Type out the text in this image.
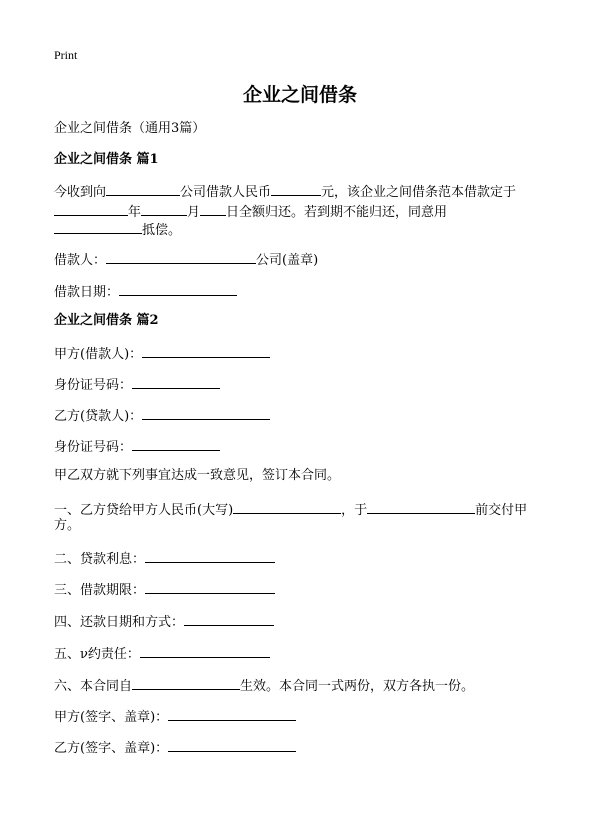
Print
企业之间借条
企业之间借条（通用3篇）
企业之间借条 篇1
今收到向	公司借款人民币	元，该企业之间借条范本借款定于
年	月 日全额归还。若到期不能归还，同意用
抵偿。
借款人：	公司(盖章)
借款日期：
企业之间借条 篇2
甲方(借款人)：
身份证号码：
乙方(贷款人)：
身份证号码：
甲乙双方就下列事宜达成一致意见，签订本合同。
一、乙方贷给甲方人民币(大写)	，于	前交付甲
方。
二、贷款利息：
三、借款期限：
四、还款日期和方式：
五、ν约责任：
六、本合同自	生效。本合同一式两份，双方各执一份。
甲方(签字、盖章)：
乙方(签字、盖章)：
